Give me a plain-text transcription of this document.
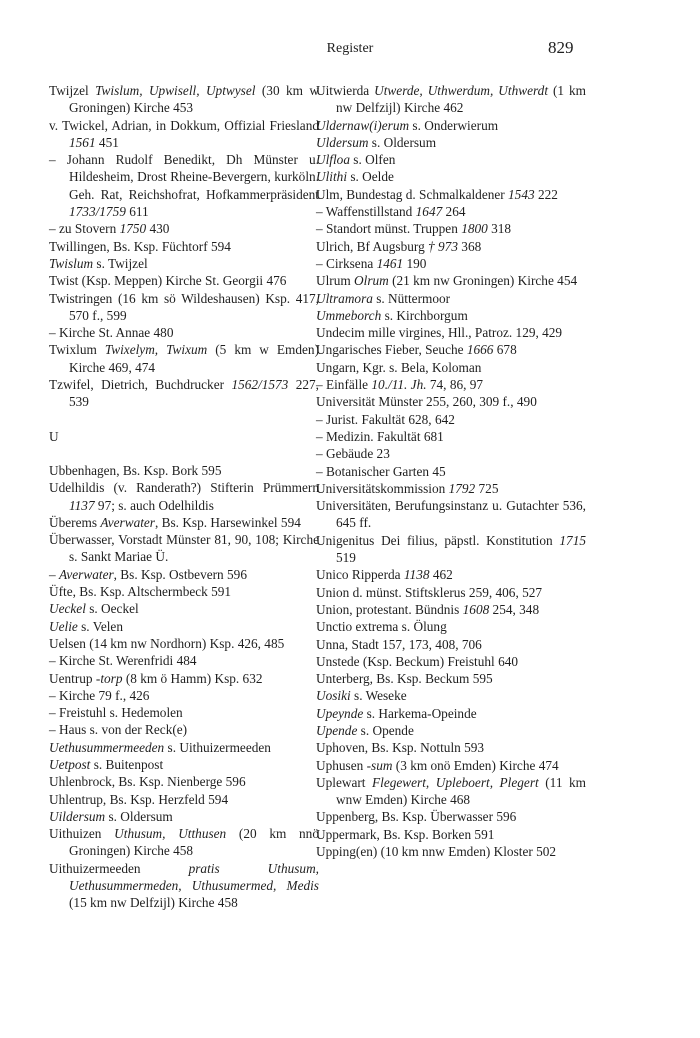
Register	829
Twijzel Twislum, Upwisell, Uptwysel (30 km w Groningen) Kirche 453
v. Twickel, Adrian, in Dokkum, Offizial Friesland 1561 451
– Johann Rudolf Benedikt, Dh Münster u. Hildesheim, Drost Rheine-Bevergern, kurköln. Geh. Rat, Reichshofrat, Hofkammerpräsident 1733/1759 611
– zu Stovern 1750 430
Twillingen, Bs. Ksp. Füchtorf 594
Twislum s. Twijzel
Twist (Ksp. Meppen) Kirche St. Georgii 476
Twistringen (16 km sö Wildeshausen) Ksp. 417, 570 f., 599
– Kirche St. Annae 480
Twixlum Twixelym, Twixum (5 km w Emden) Kirche 469, 474
Tzwifel, Dietrich, Buchdrucker 1562/1573 227, 539
U
Ubbenhagen, Bs. Ksp. Bork 595
Udelhildis (v. Randerath?) Stifterin Prümmern 1137 97; s. auch Odelhildis
Überems Averwater, Bs. Ksp. Harsewinkel 594
Überwasser, Vorstadt Münster 81, 90, 108; Kirche s. Sankt Mariae Ü.
– Averwater, Bs. Ksp. Ostbevern 596
Üfte, Bs. Ksp. Altschermbeck 591
Ueckel s. Oeckel
Uelie s. Velen
Uelsen (14 km nw Nordhorn) Ksp. 426, 485
– Kirche St. Werenfridi 484
Uentrup -torp (8 km ö Hamm) Ksp. 632
– Kirche 79 f., 426
– Freistuhl s. Hedemolen
– Haus s. von der Reck(e)
Uethusummermeeden s. Uithuizermeeden
Uetpost s. Buitenpost
Uhlenbrock, Bs. Ksp. Nienberge 596
Uhlentrup, Bs. Ksp. Herzfeld 594
Uildersum s. Oldersum
Uithuizen Uthusum, Utthusen (20 km nnö Groningen) Kirche 458
Uithuizermeeden pratis Uthusum, Uethusummermeden, Uthusumermed, Medis (15 km nw Delfzijl) Kirche 458
Uitwierda Utwerde, Uthwerdum, Uthwerdt (1 km nw Delfzijl) Kirche 462
Uldernaw(i)erum s. Onderwierum
Uldersum s. Oldersum
Ulfloa s. Olfen
Ulithi s. Oelde
Ulm, Bundestag d. Schmalkaldener 1543 222
– Waffenstillstand 1647 264
– Standort münst. Truppen 1800 318
Ulrich, Bf Augsburg † 973 368
– Cirksena 1461 190
Ulrum Olrum (21 km nw Groningen) Kirche 454
Ultramora s. Nüttermoor
Ummeborch s. Kirchborgum
Undecim mille virgines, Hll., Patroz. 129, 429
Ungarisches Fieber, Seuche 1666 678
Ungarn, Kgr. s. Bela, Koloman
– Einfälle 10./11. Jh. 74, 86, 97
Universität Münster 255, 260, 309 f., 490
– Jurist. Fakultät 628, 642
– Medizin. Fakultät 681
– Gebäude 23
– Botanischer Garten 45
Universitätskommission 1792 725
Universitäten, Berufungsinstanz u. Gutachter 536, 645 ff.
Unigenitus Dei filius, päpstl. Konstitution 1715 519
Unico Ripperda 1138 462
Union d. münst. Stiftsklerus 259, 406, 527
Union, protestant. Bündnis 1608 254, 348
Unctio extrema s. Ölung
Unna, Stadt 157, 173, 408, 706
Unstede (Ksp. Beckum) Freistuhl 640
Unterberg, Bs. Ksp. Beckum 595
Uosiki s. Weseke
Upeynde s. Harkema-Opeinde
Upende s. Opende
Uphoven, Bs. Ksp. Nottuln 593
Uphusen -sum (3 km onö Emden) Kirche 474
Uplewart Flegewert, Upleboert, Plegert (11 km wnw Emden) Kirche 468
Uppenberg, Bs. Ksp. Überwasser 596
Uppermark, Bs. Ksp. Borken 591
Upping(en) (10 km nnw Emden) Kloster 502
